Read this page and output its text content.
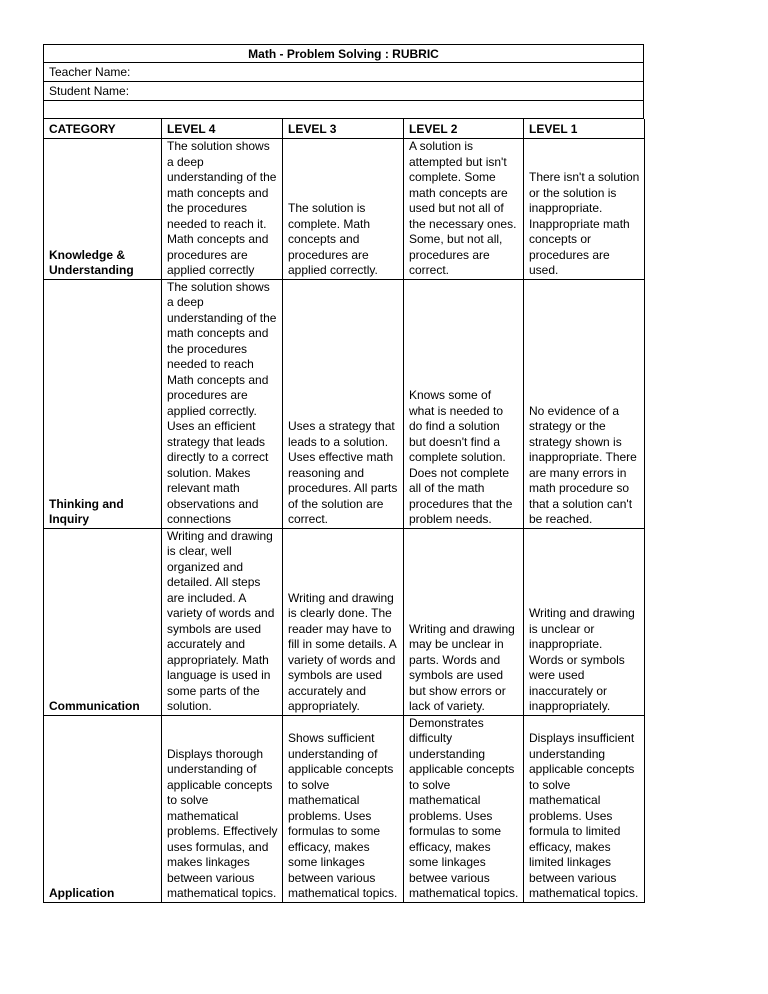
Math - Problem Solving : RUBRIC
Teacher Name:
Student Name:
CATEGORY	LEVEL 4	LEVEL 3	LEVEL 2	LEVEL 1
Knowledge & Understanding	The solution shows a deep understanding of the math concepts and the procedures needed to reach it. Math concepts and procedures are applied correctly	The solution is complete. Math concepts and procedures are applied correctly.	A solution is attempted but isn't complete. Some math concepts are used but not all of the necessary ones. Some, but not all, procedures are correct.	There isn't a solution or the solution is inappropriate. Inappropriate math concepts or procedures are used.
Thinking and Inquiry	The solution shows a deep understanding of the math concepts and the procedures needed to reach Math concepts and procedures are applied correctly. Uses an efficient strategy that leads directly to a correct solution. Makes relevant math observations and connections	Uses a strategy that leads to a solution. Uses effective math reasoning and procedures. All parts of the solution are correct.	Knows some of what is needed to do find a solution but doesn't find a complete solution. Does not complete all of the math procedures that the problem needs.	No evidence of a strategy or the strategy shown is inappropriate. There are many errors in math procedure so that a solution can't be reached.
Communication	Writing and drawing is clear, well organized and detailed. All steps are included. A variety of words and symbols are used accurately and appropriately. Math language is used in some parts of the solution.	Writing and drawing is clearly done. The reader may have to fill in some details. A variety of words and symbols are used accurately and appropriately.	Writing and drawing may be unclear in parts. Words and symbols are used but show errors or lack of variety.	Writing and drawing is unclear or inappropriate. Words or symbols were used inaccurately or inappropriately.
Application	Displays thorough understanding of applicable concepts to solve mathematical problems. Effectively uses formulas, and makes linkages between various mathematical topics.	Shows sufficient understanding of applicable concepts to solve mathematical problems. Uses formulas to some efficacy, makes some linkages between various mathematical topics.	Demonstrates difficulty understanding applicable concepts to solve mathematical problems. Uses formulas to some efficacy, makes some linkages betwee various mathematical topics.	Displays insufficient understanding applicable concepts to solve mathematical problems. Uses formula to limited efficacy, makes limited linkages between various mathematical topics.
